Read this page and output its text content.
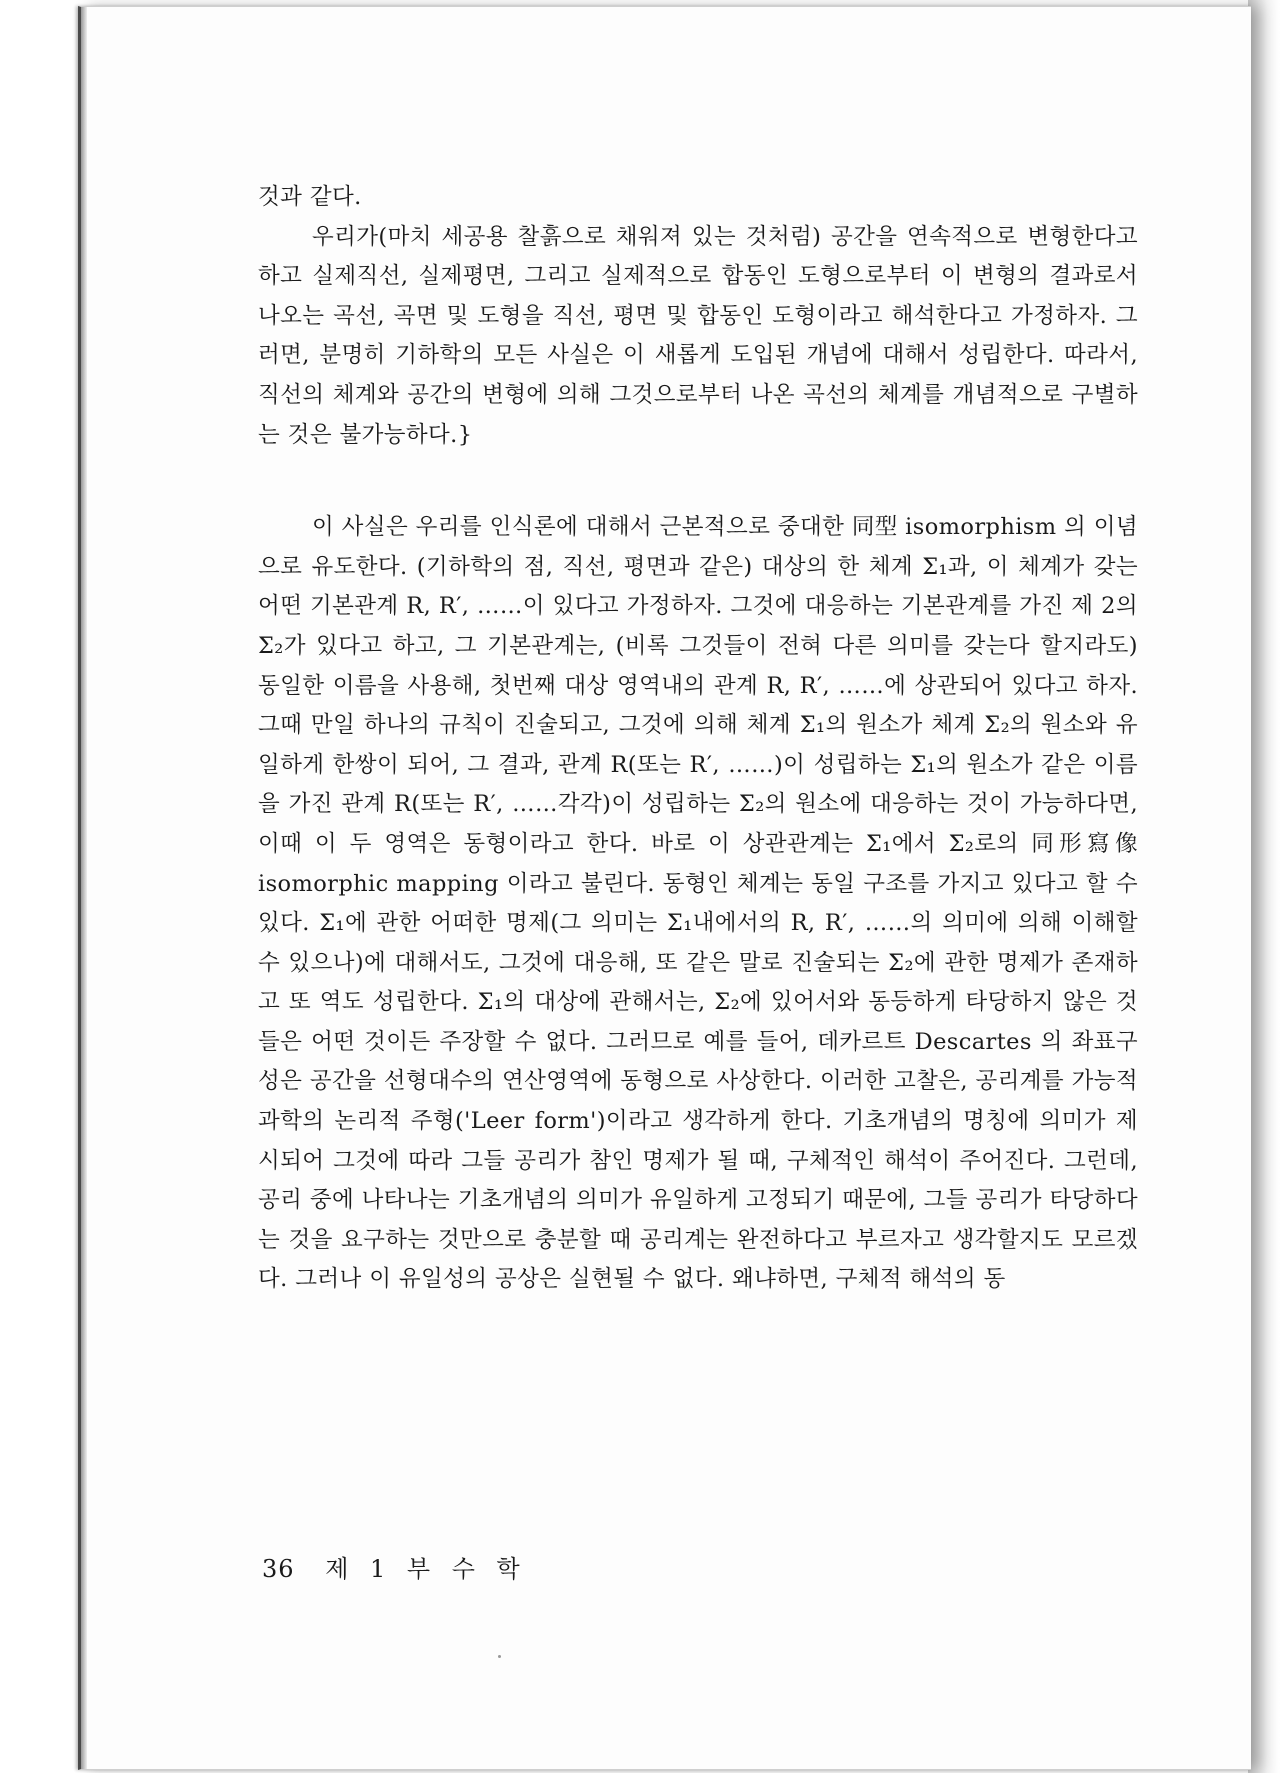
것과 같다.

우리가(마치 세공용 찰흙으로 채워져 있는 것처럼) 공간을 연속적으로 변형한다고 하고 실제직선, 실제평면, 그리고 실제적으로 합동인 도형으로부터 이 변형의 결과로서 나오는 곡선, 곡면 및 도형을 직선, 평면 및 합동인 도형이라고 해석한다고 가정하자. 그러면, 분명히 기하학의 모든 사실은 이 새롭게 도입된 개념에 대해서 성립한다. 따라서, 직선의 체계와 공간의 변형에 의해 그것으로부터 나온 곡선의 체계를 개념적으로 구별하는 것은 불가능하다.}

이 사실은 우리를 인식론에 대해서 근본적으로 중대한 同型 isomorphism 의 이념으로 유도한다. (기하학의 점, 직선, 평면과 같은) 대상의 한 체계 Σ₁과, 이 체계가 갖는 어떤 기본관계 R, R′, ……이 있다고 가정하자. 그것에 대응하는 기본관계를 가진 제 2의 Σ₂가 있다고 하고, 그 기본관계는, (비록 그것들이 전혀 다른 의미를 갖는다 할지라도) 동일한 이름을 사용해, 첫번째 대상 영역내의 관계 R, R′, ……에 상관되어 있다고 하자. 그때 만일 하나의 규칙이 진술되고, 그것에 의해 체계 Σ₁의 원소가 체계 Σ₂의 원소와 유일하게 한쌍이 되어, 그 결과, 관계 R(또는 R′, ……)이 성립하는 Σ₁의 원소가 같은 이름을 가진 관계 R(또는 R′, ……각각)이 성립하는 Σ₂의 원소에 대응하는 것이 가능하다면, 이때 이 두 영역은 동형이라고 한다. 바로 이 상관관계는 Σ₁에서 Σ₂로의 同形寫像 isomorphic mapping 이라고 불린다. 동형인 체계는 동일 구조를 가지고 있다고 할 수 있다. Σ₁에 관한 어떠한 명제(그 의미는 Σ₁내에서의 R, R′, ……의 의미에 의해 이해할 수 있으나)에 대해서도, 그것에 대응해, 또 같은 말로 진술되는 Σ₂에 관한 명제가 존재하고 또 역도 성립한다. Σ₁의 대상에 관해서는, Σ₂에 있어서와 동등하게 타당하지 않은 것들은 어떤 것이든 주장할 수 없다. 그러므로 예를 들어, 데카르트 Descartes 의 좌표구성은 공간을 선형대수의 연산영역에 동형으로 사상한다. 이러한 고찰은, 공리계를 가능적 과학의 논리적 주형('Leer form')이라고 생각하게 한다. 기초개념의 명칭에 의미가 제시되어 그것에 따라 그들 공리가 참인 명제가 될 때, 구체적인 해석이 주어진다. 그런데, 공리 중에 나타나는 기초개념의 의미가 유일하게 고정되기 때문에, 그들 공리가 타당하다는 것을 요구하는 것만으로 충분할 때 공리계는 완전하다고 부르자고 생각할지도 모르겠다. 그러나 이 유일성의 공상은 실현될 수 없다. 왜냐하면, 구체적 해석의 동

36 제 1 부 수 학
